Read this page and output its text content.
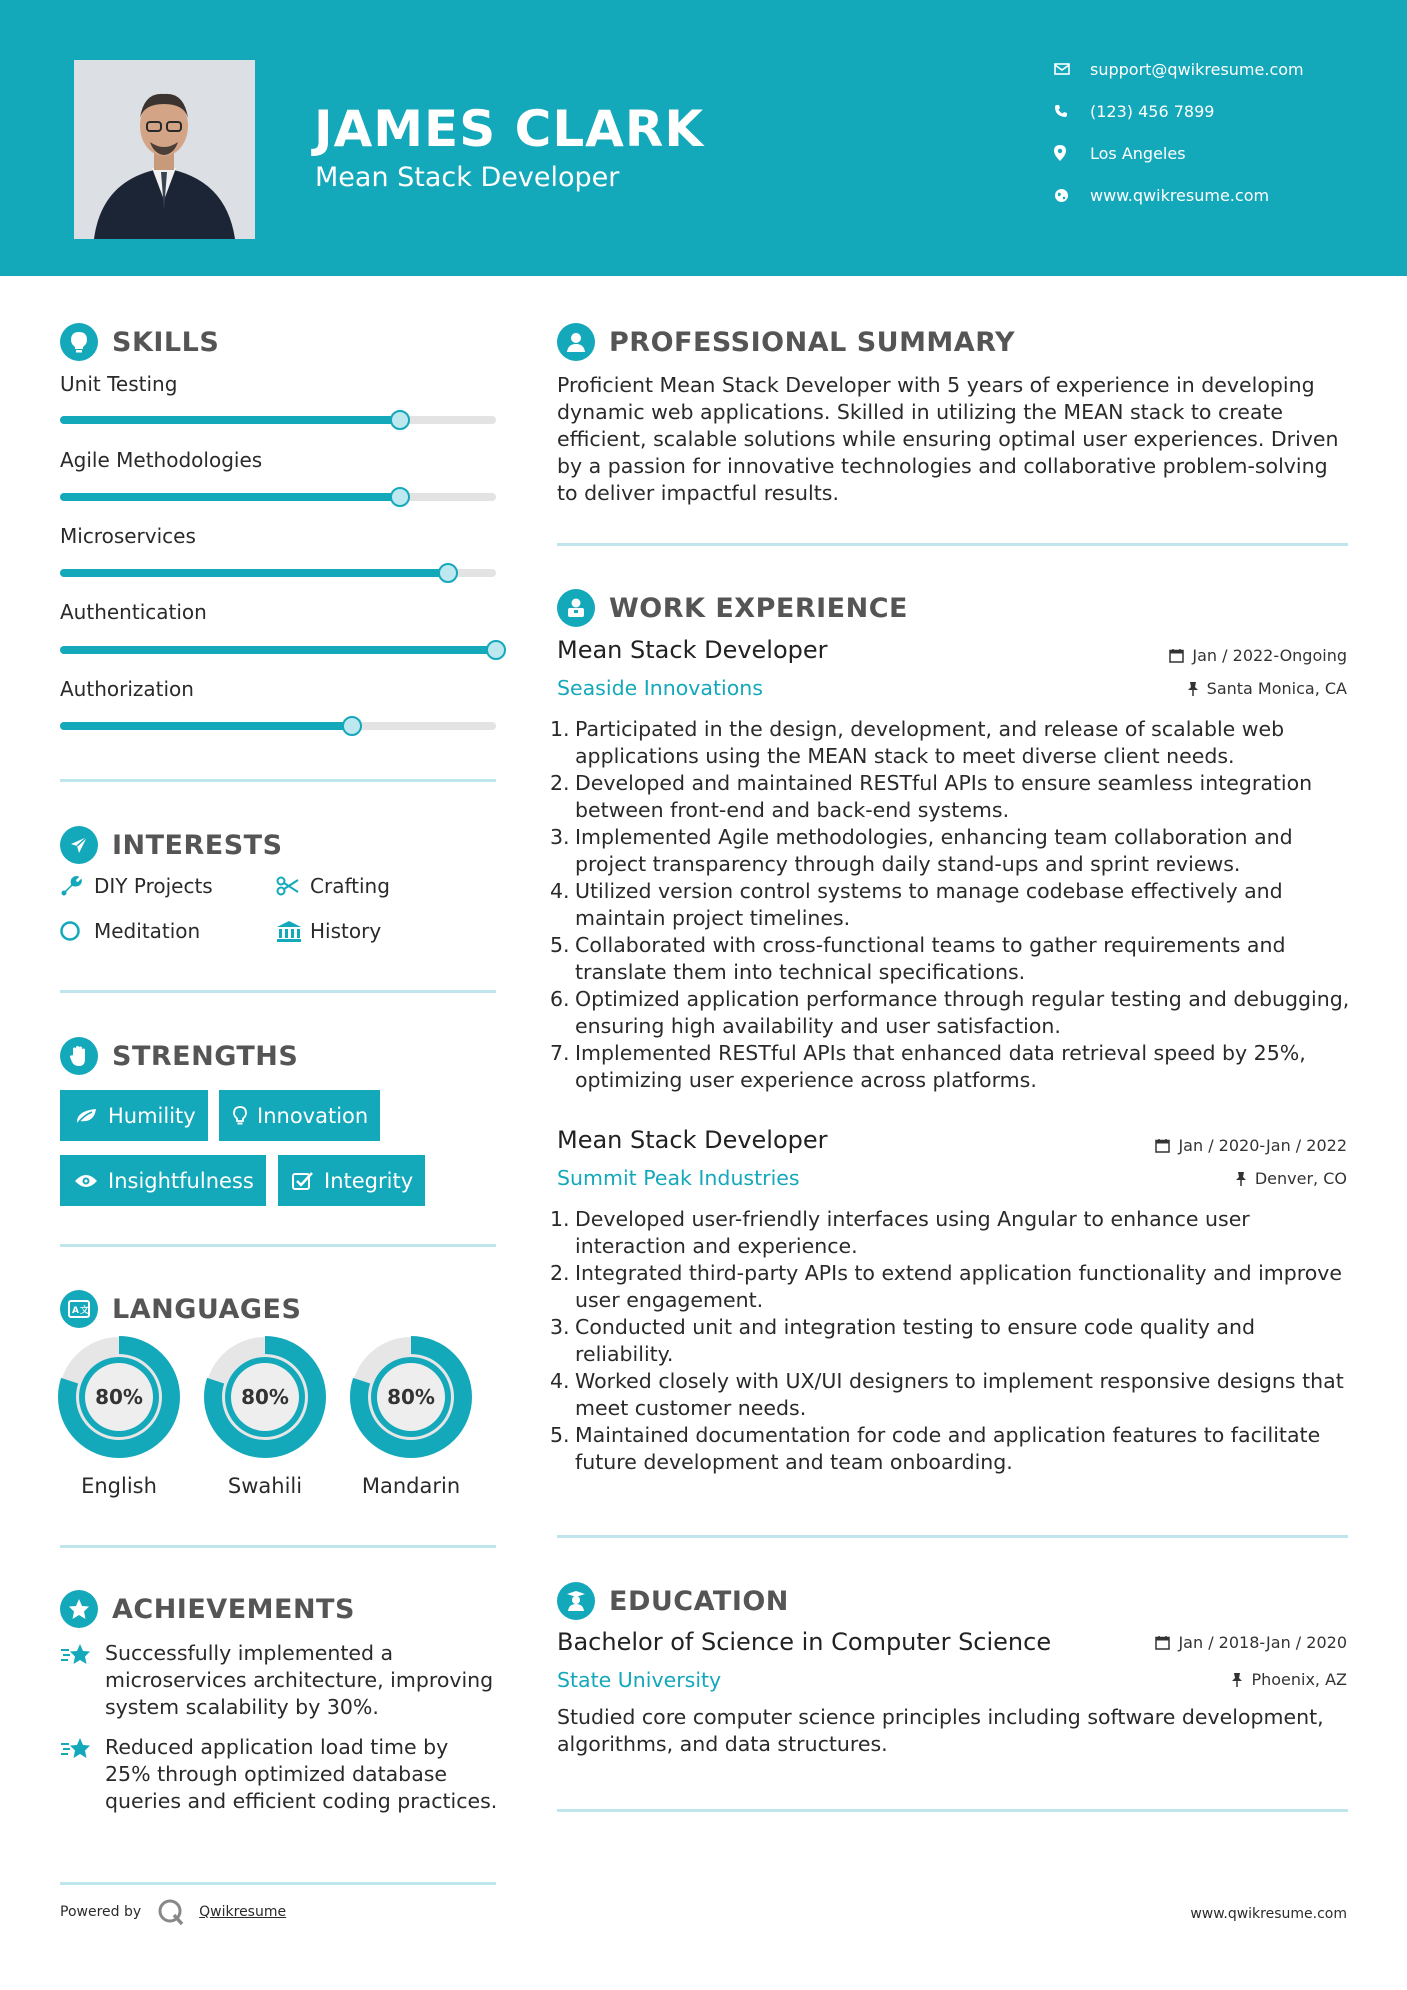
JAMES CLARK
Mean Stack Developer
support@qwikresume.com
(123) 456 7899
Los Angeles
www.qwikresume.com
SKILLS
Unit Testing
Agile Methodologies
Microservices
Authentication
Authorization
INTERESTS
DIY Projects	Crafting
Meditation	History
STRENGTHS
Humility	Innovation
Insightfulness	Integrity
A 文 LANGUAGES
80%	80%	80%
English	Swahili	Mandarin
ACHIEVEMENTS
Successfully implemented a microservices architecture, improving system scalability by 30%.
Reduced application load time by 25% through optimized database queries and efficient coding practices.
PROFESSIONAL SUMMARY
Proficient Mean Stack Developer with 5 years of experience in developing dynamic web applications. Skilled in utilizing the MEAN stack to create efficient, scalable solutions while ensuring optimal user experiences. Driven by a passion for innovative technologies and collaborative problem-solving to deliver impactful results.
WORK EXPERIENCE
Mean Stack Developer	Jan / 2022-Ongoing
Seaside Innovations	Santa Monica, CA
1. Participated in the design, development, and release of scalable web applications using the MEAN stack to meet diverse client needs.
2. Developed and maintained RESTful APIs to ensure seamless integration between front-end and back-end systems.
3. Implemented Agile methodologies, enhancing team collaboration and project transparency through daily stand-ups and sprint reviews.
4. Utilized version control systems to manage codebase effectively and maintain project timelines.
5. Collaborated with cross-functional teams to gather requirements and translate them into technical specifications.
6. Optimized application performance through regular testing and debugging, ensuring high availability and user satisfaction.
7. Implemented RESTful APIs that enhanced data retrieval speed by 25%, optimizing user experience across platforms.
Mean Stack Developer	Jan / 2020-Jan / 2022
Summit Peak Industries	Denver, CO
1. Developed user-friendly interfaces using Angular to enhance user interaction and experience.
2. Integrated third-party APIs to extend application functionality and improve user engagement.
3. Conducted unit and integration testing to ensure code quality and reliability.
4. Worked closely with UX/UI designers to implement responsive designs that meet customer needs.
5. Maintained documentation for code and application features to facilitate future development and team onboarding.
EDUCATION
Bachelor of Science in Computer Science	Jan / 2018-Jan / 2020
State University	Phoenix, AZ
Studied core computer science principles including software development, algorithms, and data structures.
Powered by	Qwikresume	www.qwikresume.com
